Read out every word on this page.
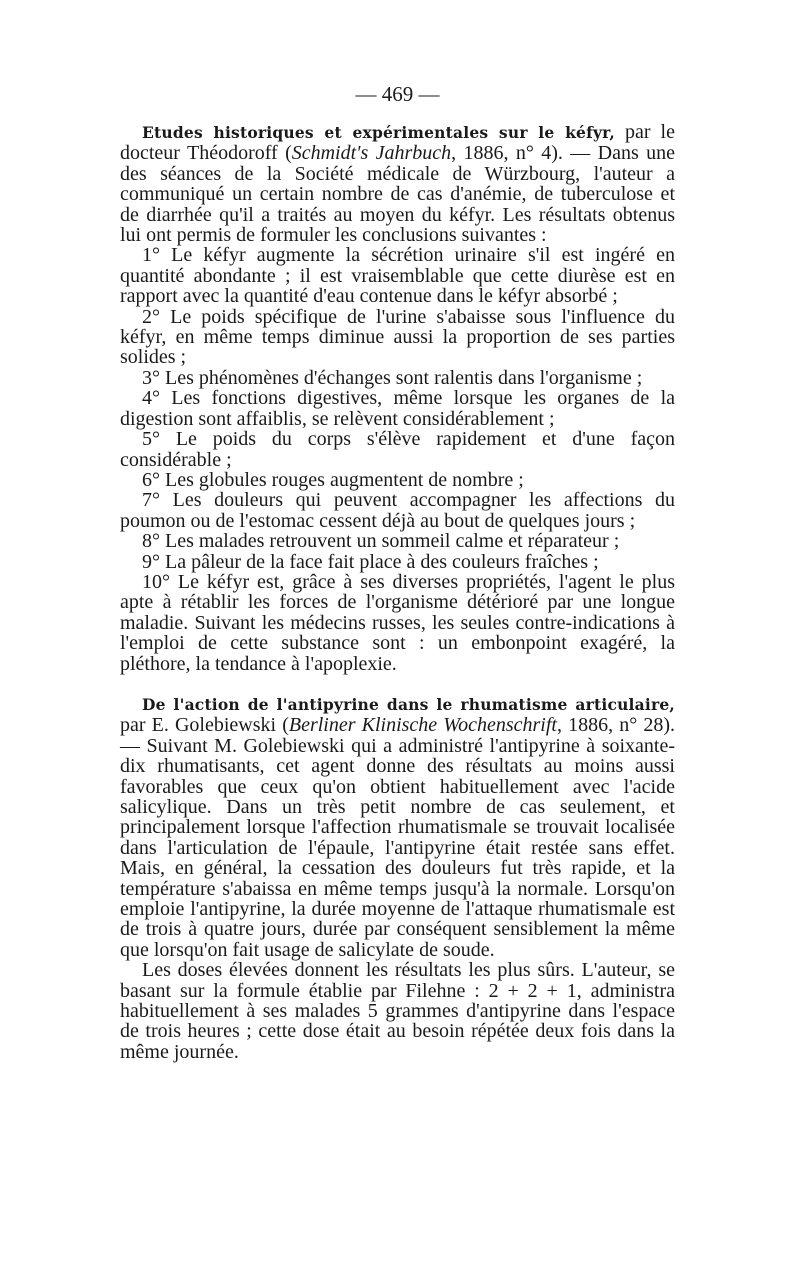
— 469 —

Etudes historiques et expérimentales sur le kéfyr, par le docteur Théodoroff (Schmidt's Jahrbuch, 1886, n° 4). — Dans une des séances de la Société médicale de Würzbourg, l'auteur a communiqué un certain nombre de cas d'anémie, de tuberculose et de diarrhée qu'il a traités au moyen du kéfyr. Les résultats obtenus lui ont permis de formuler les conclusions suivantes :

1° Le kéfyr augmente la sécrétion urinaire s'il est ingéré en quantité abondante ; il est vraisemblable que cette diurèse est en rapport avec la quantité d'eau contenue dans le kéfyr absorbé ;

2° Le poids spécifique de l'urine s'abaisse sous l'influence du kéfyr, en même temps diminue aussi la proportion de ses parties solides ;

3° Les phénomènes d'échanges sont ralentis dans l'organisme ;

4° Les fonctions digestives, même lorsque les organes de la digestion sont affaiblis, se relèvent considérablement ;

5° Le poids du corps s'élève rapidement et d'une façon considérable ;

6° Les globules rouges augmentent de nombre ;

7° Les douleurs qui peuvent accompagner les affections du poumon ou de l'estomac cessent déjà au bout de quelques jours ;

8° Les malades retrouvent un sommeil calme et réparateur ;

9° La pâleur de la face fait place à des couleurs fraîches ;

10° Le kéfyr est, grâce à ses diverses propriétés, l'agent le plus apte à rétablir les forces de l'organisme détérioré par une longue maladie. Suivant les médecins russes, les seules contre-indications à l'emploi de cette substance sont : un embonpoint exagéré, la pléthore, la tendance à l'apoplexie.

De l'action de l'antipyrine dans le rhumatisme articulaire, par E. Golebiewski (Berliner Klinische Wochenschrift, 1886, n° 28). — Suivant M. Golebiewski qui a administré l'antipyrine à soixante-dix rhumatisants, cet agent donne des résultats au moins aussi favorables que ceux qu'on obtient habituellement avec l'acide salicylique. Dans un très petit nombre de cas seulement, et principalement lorsque l'affection rhumatismale se trouvait localisée dans l'articulation de l'épaule, l'antipyrine était restée sans effet. Mais, en général, la cessation des douleurs fut très rapide, et la température s'abaissa en même temps jusqu'à la normale. Lorsqu'on emploie l'antipyrine, la durée moyenne de l'attaque rhumatismale est de trois à quatre jours, durée par conséquent sensiblement la même que lorsqu'on fait usage de salicylate de soude.

Les doses élevées donnent les résultats les plus sûrs. L'auteur, se basant sur la formule établie par Filehne : 2 + 2 + 1, administra habituellement à ses malades 5 grammes d'antipyrine dans l'espace de trois heures ; cette dose était au besoin répétée deux fois dans la même journée.
